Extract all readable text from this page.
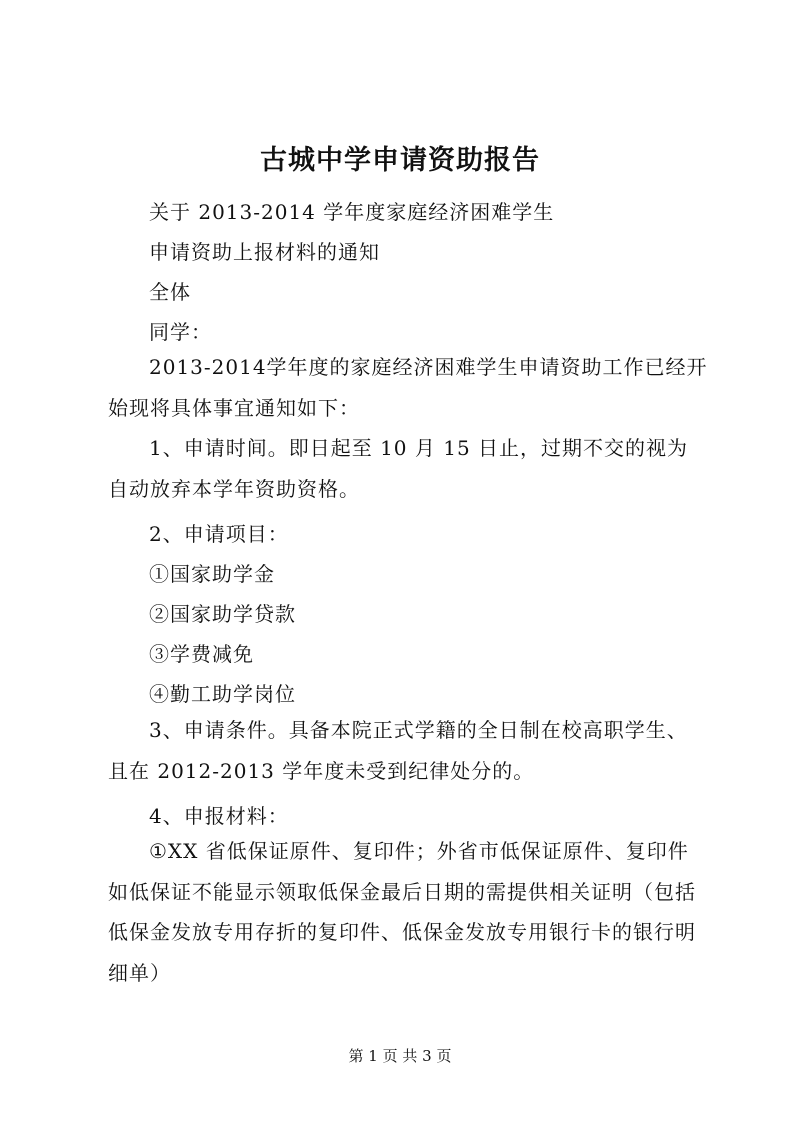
古城中学申请资助报告
关于 2013-2014 学年度家庭经济困难学生
申请资助上报材料的通知
全体
同学：

2013-2014学年度的家庭经济困难学生申请资助工作已经开始现将具体事宜通知如下：

1、申请时间。即日起至 10 月 15 日止，过期不交的视为自动放弃本学年资助资格。

2、申请项目：
①国家助学金
②国家助学贷款
③学费减免
④勤工助学岗位

3、申请条件。具备本院正式学籍的全日制在校高职学生、且在 2012-2013 学年度未受到纪律处分的。

4、申报材料：

①XX 省低保证原件、复印件；外省市低保证原件、复印件如低保证不能显示领取低保金最后日期的需提供相关证明（包括低保金发放专用存折的复印件、低保金发放专用银行卡的银行明细单）

第 1 页 共 3 页
